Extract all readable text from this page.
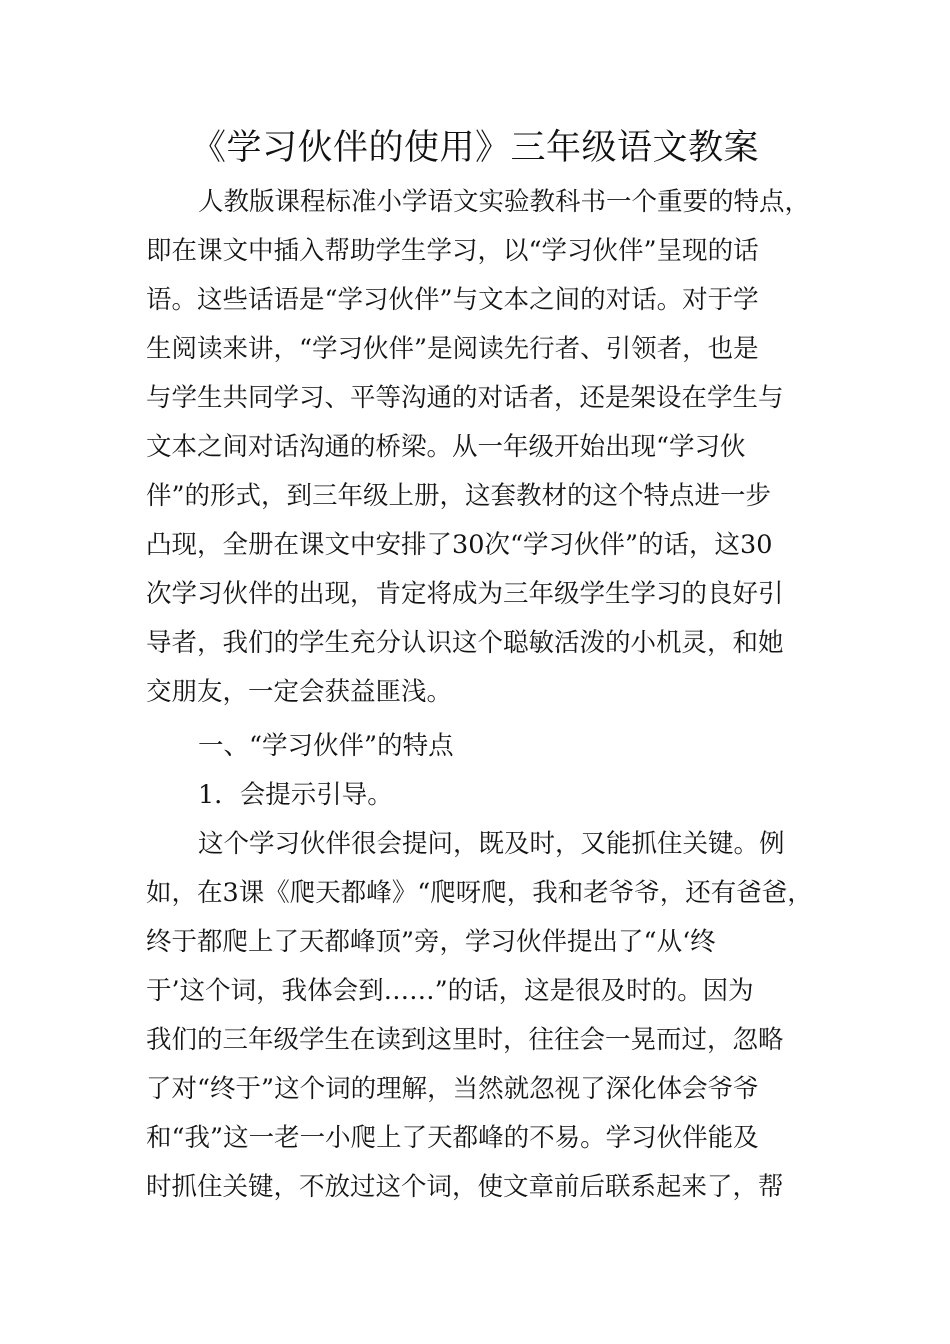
《学习伙伴的使用》三年级语文教案
人教版课程标准小学语文实验教科书一个重要的特点，
即在课文中插入帮助学生学习，以“学习伙伴”呈现的话
语。这些话语是“学习伙伴”与文本之间的对话。对于学
生阅读来讲，“学习伙伴”是阅读先行者、引领者，也是
与学生共同学习、平等沟通的对话者，还是架设在学生与
文本之间对话沟通的桥梁。从一年级开始出现“学习伙
伴”的形式，到三年级上册，这套教材的这个特点进一步
凸现，全册在课文中安排了30次“学习伙伴”的话，这30
次学习伙伴的出现，肯定将成为三年级学生学习的良好引
导者，我们的学生充分认识这个聪敏活泼的小机灵，和她
交朋友，一定会获益匪浅。
一、“学习伙伴”的特点
1．会提示引导。
这个学习伙伴很会提问，既及时，又能抓住关键。例
如，在3课《爬天都峰》“爬呀爬，我和老爷爷，还有爸爸，
终于都爬上了天都峰顶”旁，学习伙伴提出了“从‘终
于’这个词，我体会到……”的话，这是很及时的。因为
我们的三年级学生在读到这里时，往往会一晃而过，忽略
了对“终于”这个词的理解，当然就忽视了深化体会爷爷
和“我”这一老一小爬上了天都峰的不易。学习伙伴能及
时抓住关键，不放过这个词，使文章前后联系起来了，帮
